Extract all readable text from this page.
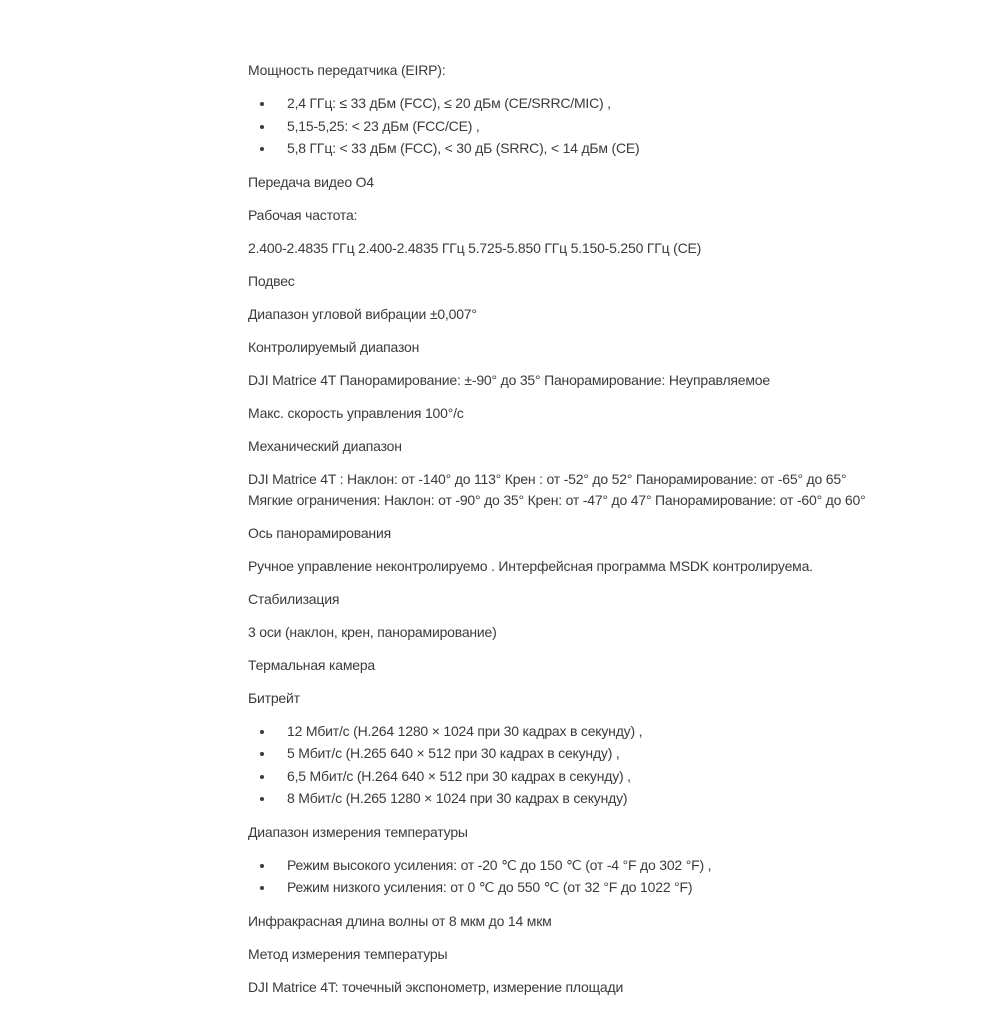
Мощность передатчика (EIRP):

• 2,4 ГГц: ≤ 33 дБм (FCC), ≤ 20 дБм (CE/SRRC/MIC) ,
• 5,15-5,25: < 23 дБм (FCC/CE) ,
• 5,8 ГГц: < 33 дБм (FCC), < 30 дБ (SRRC), < 14 дБм (CE)

Передача видео O4

Рабочая частота:

2.400-2.4835 ГГц 2.400-2.4835 ГГц 5.725-5.850 ГГц 5.150-5.250 ГГц (CE)

Подвес

Диапазон угловой вибрации ±0,007°

Контролируемый диапазон

DJI Matrice 4T Панорамирование: ±-90° до 35° Панорамирование: Неуправляемое

Макс. скорость управления 100°/с

Механический диапазон

DJI Matrice 4T : Наклон: от -140° до 113° Крен : от -52° до 52° Панорамирование: от -65° до 65°
Мягкие ограничения: Наклон: от -90° до 35° Крен: от -47° до 47° Панорамирование: от -60° до 60°

Ось панорамирования

Ручное управление неконтролируемо . Интерфейсная программа MSDK контролируема.

Стабилизация

3 оси (наклон, крен, панорамирование)

Термальная камера

Битрейт

• 12 Мбит/с (H.264 1280 × 1024 при 30 кадрах в секунду) ,
• 5 Мбит/с (H.265 640 × 512 при 30 кадрах в секунду) ,
• 6,5 Мбит/с (H.264 640 × 512 при 30 кадрах в секунду) ,
• 8 Мбит/с (H.265 1280 × 1024 при 30 кадрах в секунду)

Диапазон измерения температуры

• Режим высокого усиления: от -20 ℃ до 150 ℃ (от -4 °F до 302 °F) ,
• Режим низкого усиления: от 0 ℃ до 550 ℃ (от 32 °F до 1022 °F)

Инфракрасная длина волны от 8 мкм до 14 мкм

Метод измерения температуры

DJI Matrice 4T: точечный экспонометр, измерение площади
